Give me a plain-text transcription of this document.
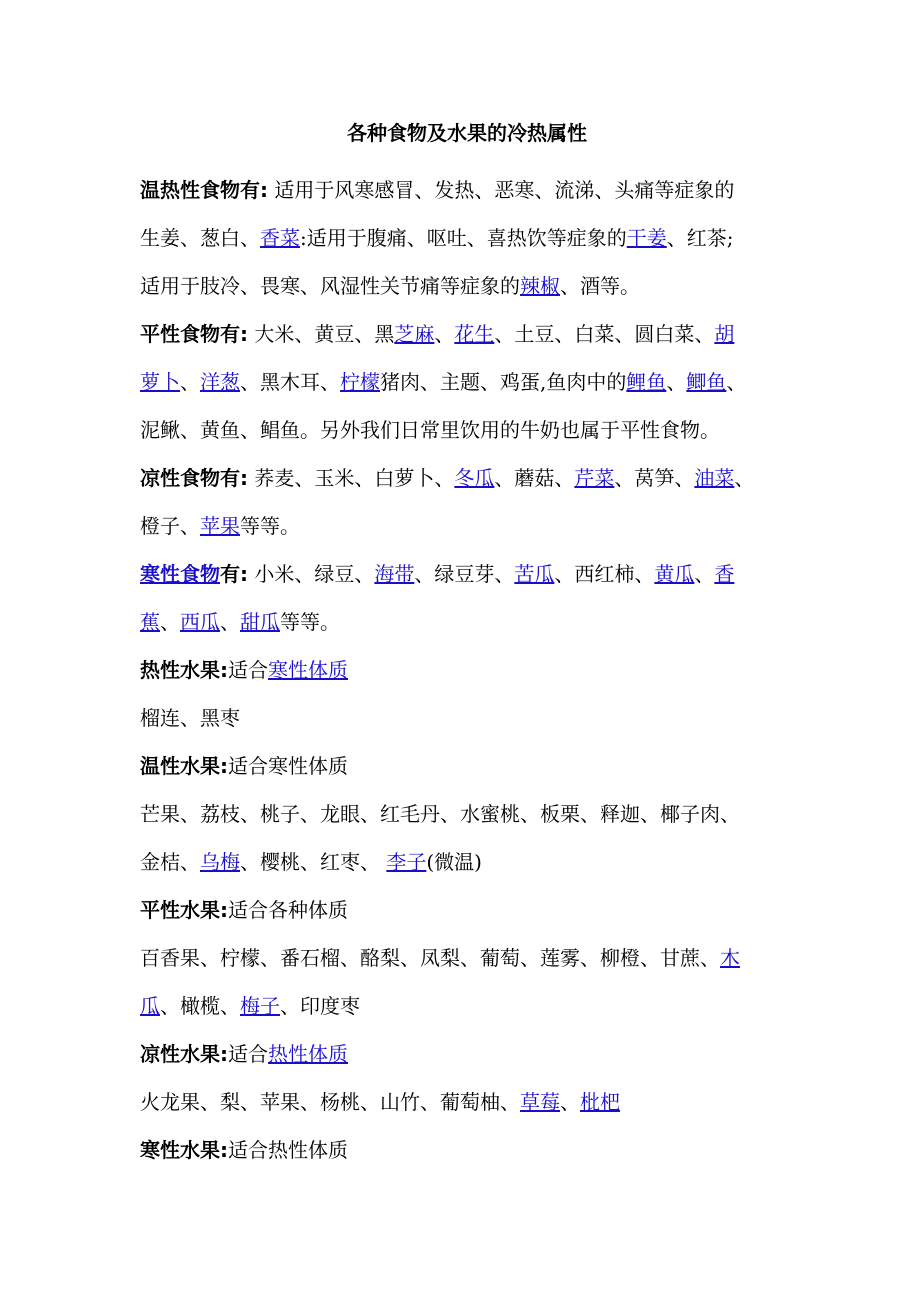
各种食物及水果的冷热属性
温热性食物有: 适用于风寒感冒、发热、恶寒、流涕、头痛等症象的
生姜、葱白、香菜:适用于腹痛、呕吐、喜热饮等症象的干姜、红茶;
适用于肢冷、畏寒、风湿性关节痛等症象的辣椒、酒等。
平性食物有: 大米、黄豆、黑芝麻、花生、土豆、白菜、圆白菜、胡
萝卜、洋葱、黑木耳、柠檬猪肉、主题、鸡蛋,鱼肉中的鲤鱼、鲫鱼、
泥鳅、黄鱼、鲳鱼。另外我们日常里饮用的牛奶也属于平性食物。
凉性食物有: 荞麦、玉米、白萝卜、冬瓜、蘑菇、芹菜、莴笋、油菜、
橙子、苹果等等。
寒性食物有: 小米、绿豆、海带、绿豆芽、苦瓜、西红柿、黄瓜、香
蕉、西瓜、甜瓜等等。
热性水果:适合寒性体质
榴连、黑枣
温性水果:适合寒性体质
芒果、荔枝、桃子、龙眼、红毛丹、水蜜桃、板栗、释迦、椰子肉、
金桔、乌梅、樱桃、红枣、 李子(微温)
平性水果:适合各种体质
百香果、柠檬、番石榴、酪梨、凤梨、葡萄、莲雾、柳橙、甘蔗、木
瓜、橄榄、梅子、印度枣
凉性水果:适合热性体质
火龙果、梨、苹果、杨桃、山竹、葡萄柚、草莓、枇杷
寒性水果:适合热性体质
